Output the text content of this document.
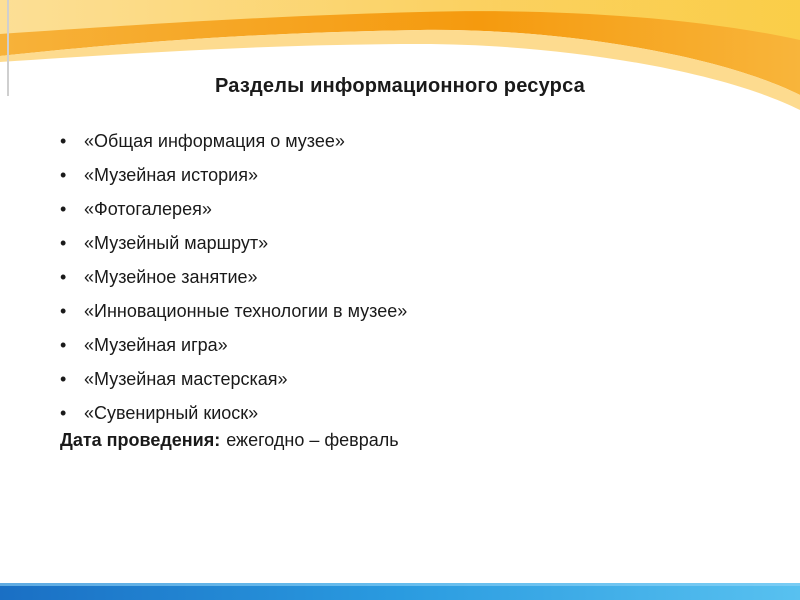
Разделы информационного ресурса
• «Общая информация о музее»
• «Музейная история»
• «Фотогалерея»
• «Музейный маршрут»
• «Музейное занятие»
• «Инновационные технологии в музее»
• «Музейная игра»
• «Музейная мастерская»
• «Сувенирный киоск»
Дата проведения: ежегодно – февраль
